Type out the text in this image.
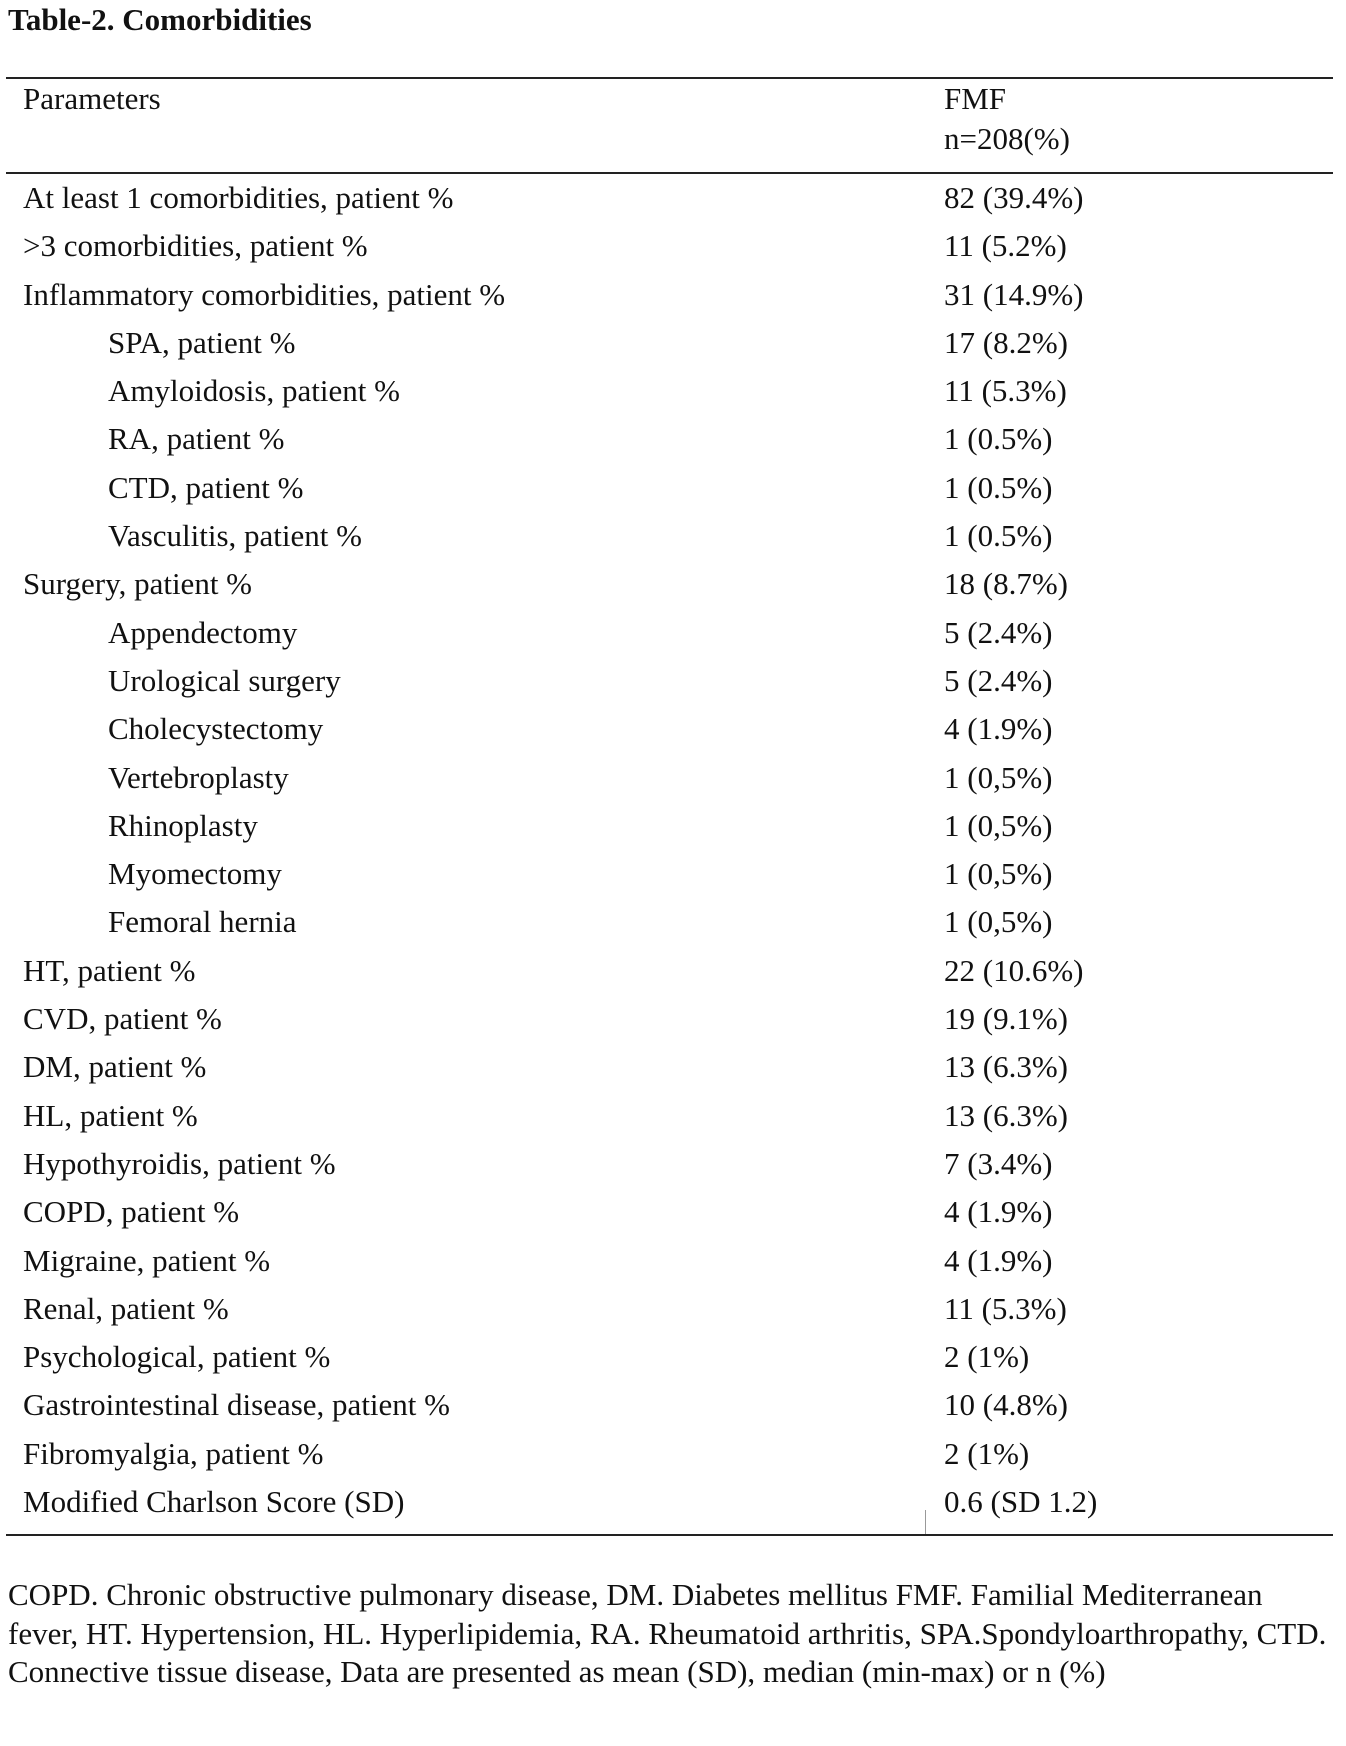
Table-2. Comorbidities
Parameters	FMF
n=208(%)
At least 1 comorbidities, patient %	82 (39.4%)
>3 comorbidities, patient %	11 (5.2%)
Inflammatory comorbidities, patient %	31 (14.9%)
SPA, patient %	17 (8.2%)
Amyloidosis, patient %	11 (5.3%)
RA, patient %	1 (0.5%)
CTD, patient %	1 (0.5%)
Vasculitis, patient %	1 (0.5%)
Surgery, patient %	18 (8.7%)
Appendectomy	5 (2.4%)
Urological surgery	5 (2.4%)
Cholecystectomy	4 (1.9%)
Vertebroplasty	1 (0,5%)
Rhinoplasty	1 (0,5%)
Myomectomy	1 (0,5%)
Femoral hernia	1 (0,5%)
HT, patient %	22 (10.6%)
CVD, patient %	19 (9.1%)
DM, patient %	13 (6.3%)
HL, patient %	13 (6.3%)
Hypothyroidis, patient %	7 (3.4%)
COPD, patient %	4 (1.9%)
Migraine, patient %	4 (1.9%)
Renal, patient %	11 (5.3%)
Psychological, patient %	2 (1%)
Gastrointestinal disease, patient %	10 (4.8%)
Fibromyalgia, patient %	2 (1%)
Modified Charlson Score (SD)	0.6 (SD 1.2)
COPD. Chronic obstructive pulmonary disease, DM. Diabetes mellitus FMF. Familial Mediterranean fever, HT. Hypertension, HL. Hyperlipidemia, RA. Rheumatoid arthritis, SPA.Spondyloarthropathy, CTD. Connective tissue disease, Data are presented as mean (SD), median (min-max) or n (%)
